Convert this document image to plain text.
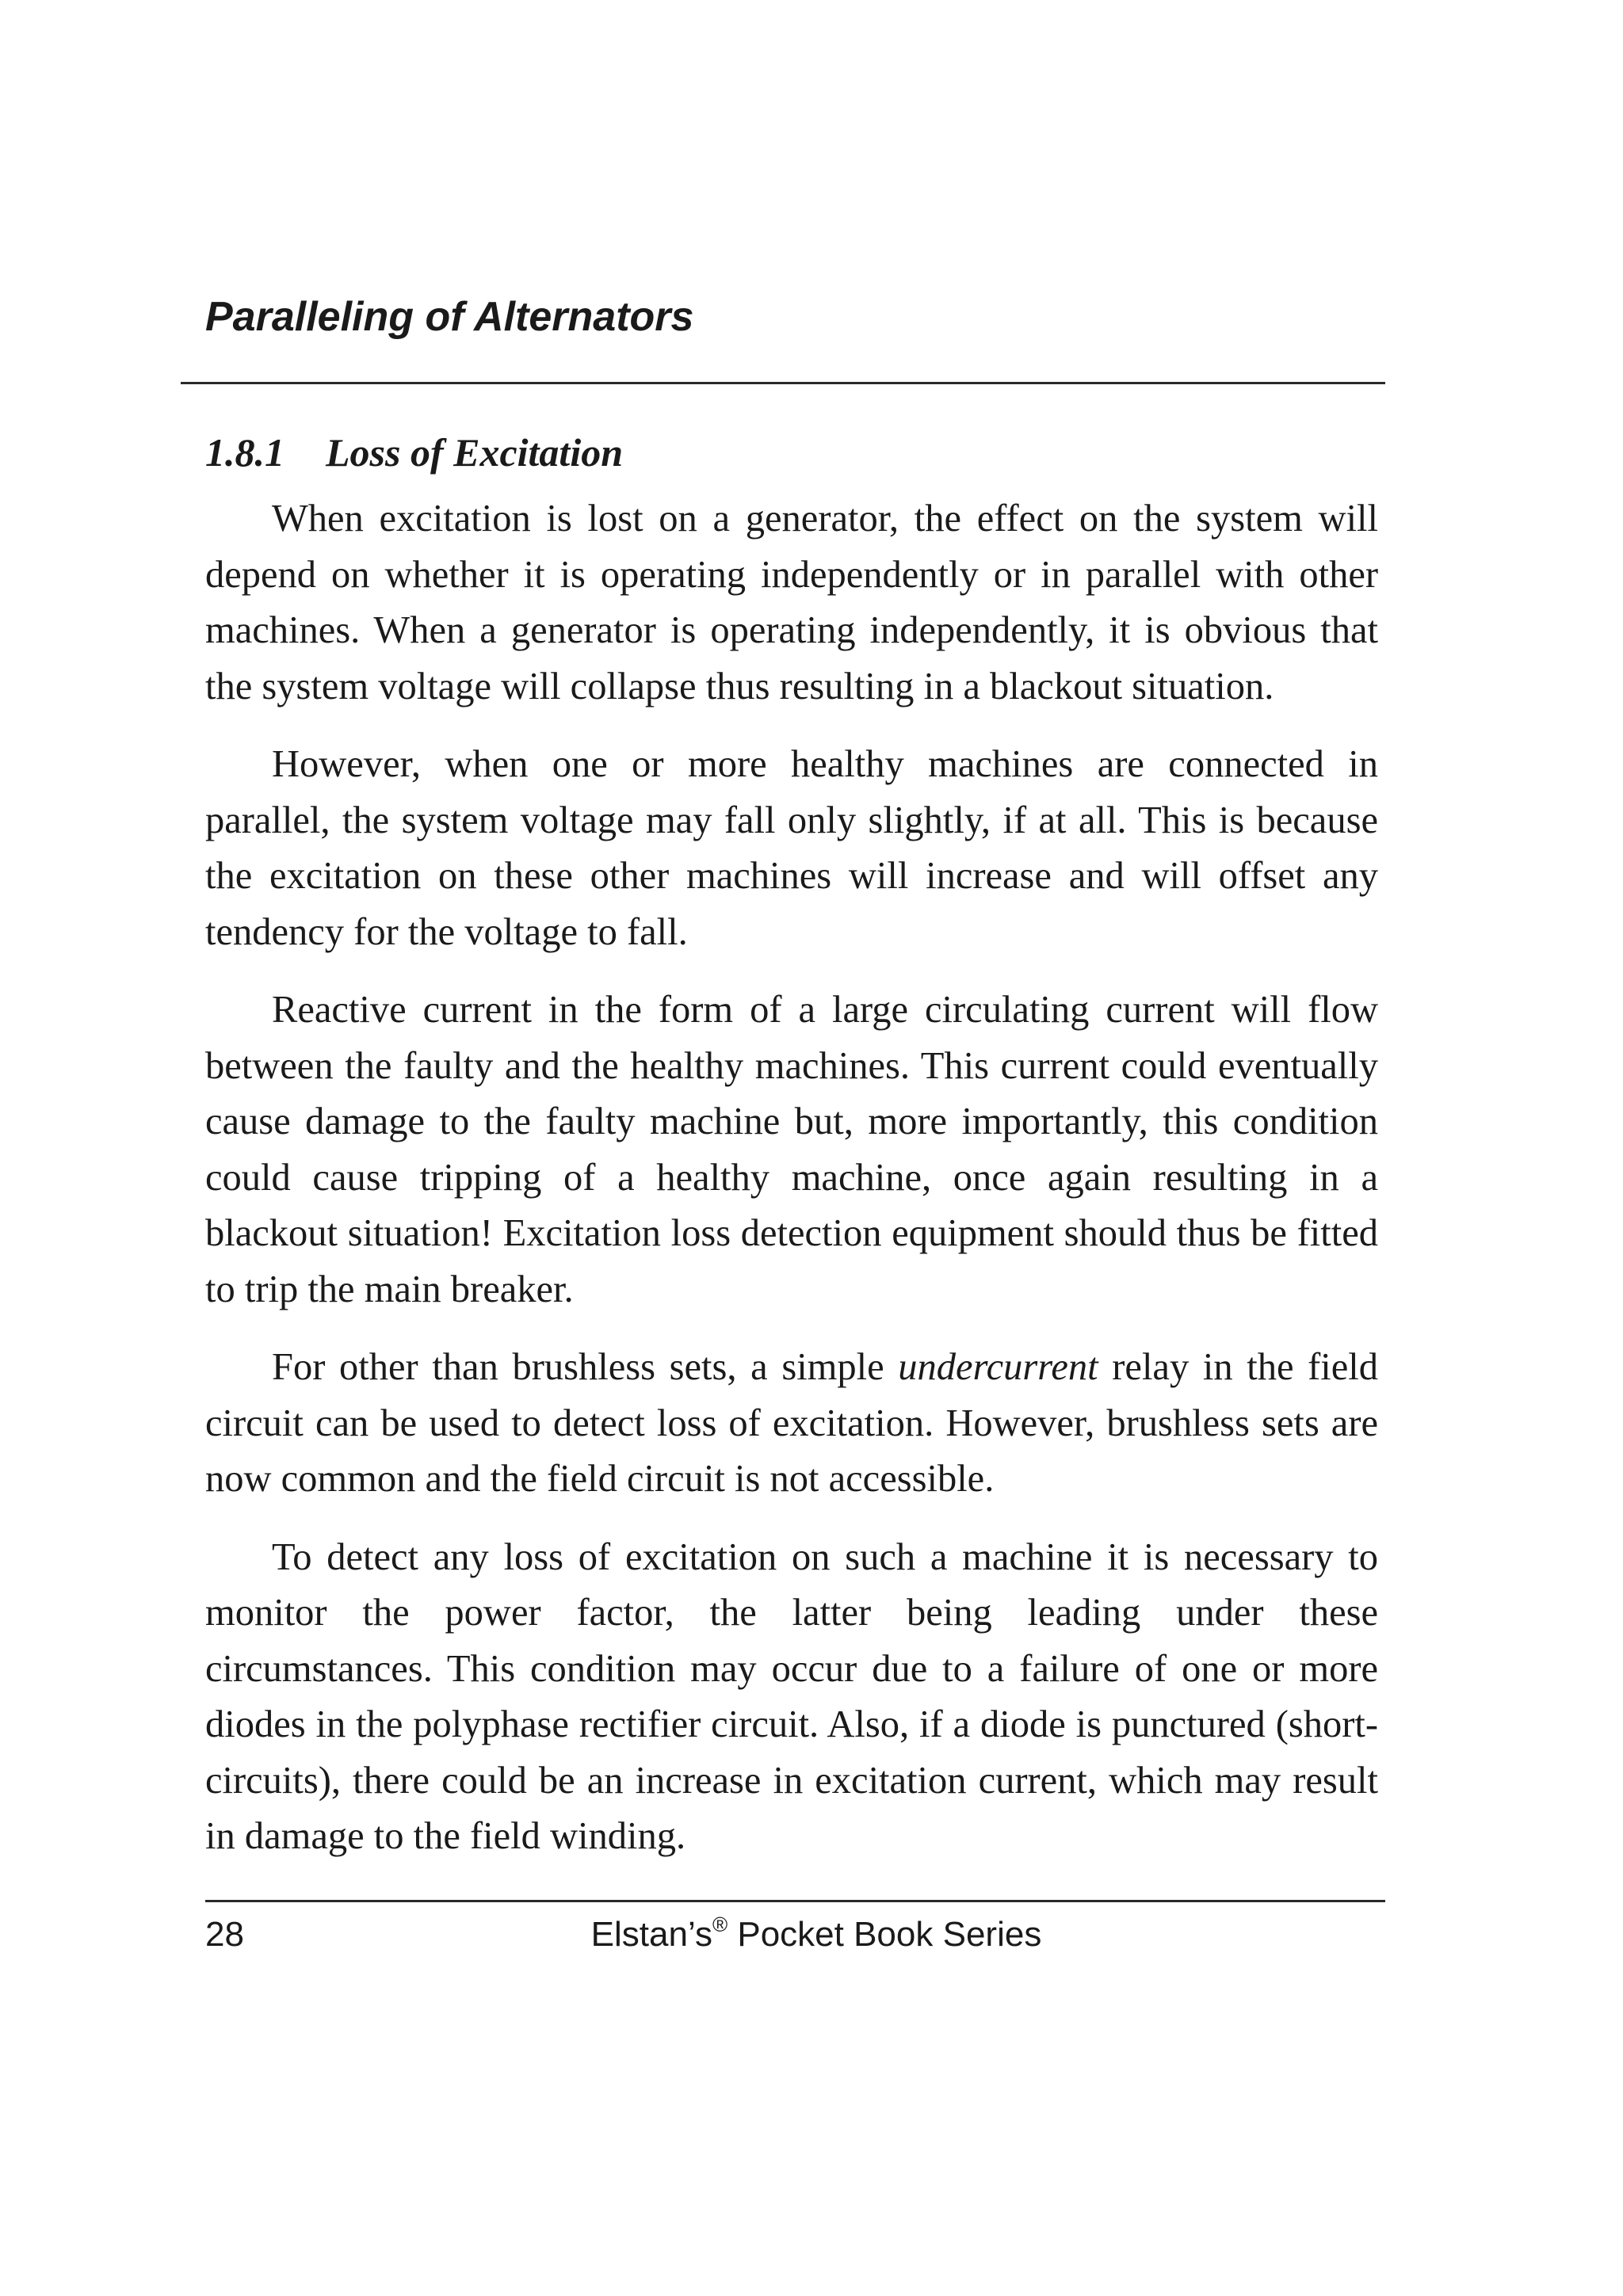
Paralleling of Alternators
1.8.1 Loss of Excitation

When excitation is lost on a generator, the effect on the system will depend on whether it is operating independently or in parallel with other machines. When a generator is operating independently, it is obvious that the system voltage will collapse thus resulting in a blackout situation.

However, when one or more healthy machines are connected in parallel, the system voltage may fall only slightly, if at all. This is because the excitation on these other machines will increase and will offset any tendency for the voltage to fall.

Reactive current in the form of a large circulating current will flow between the faulty and the healthy machines. This current could eventually cause damage to the faulty machine but, more importantly, this condition could cause tripping of a healthy machine, once again resulting in a blackout situation! Excitation loss detection equipment should thus be fitted to trip the main breaker.

For other than brushless sets, a simple undercurrent relay in the field circuit can be used to detect loss of excitation. However, brushless sets are now common and the field circuit is not accessible.

To detect any loss of excitation on such a machine it is necessary to monitor the power factor, the latter being leading under these circumstances. This condition may occur due to a failure of one or more diodes in the polyphase rectifier circuit. Also, if a diode is punctured (short-circuits), there could be an increase in excitation current, which may result in damage to the field winding.

28	Elstan’s® Pocket Book Series
